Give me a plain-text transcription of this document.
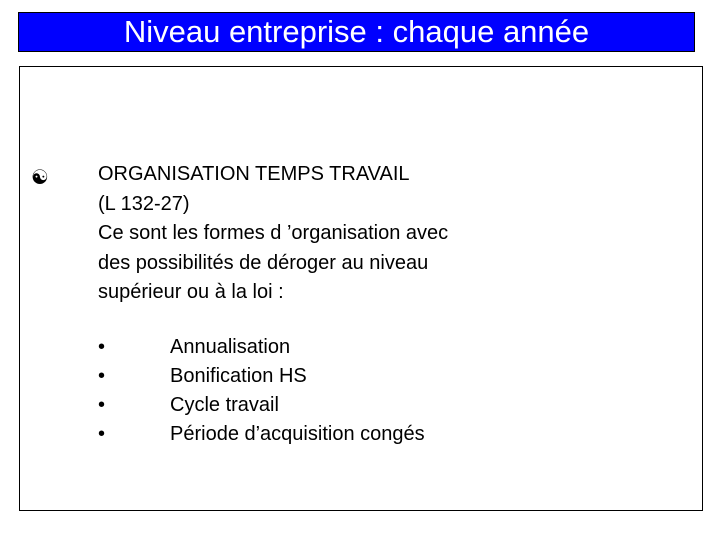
Niveau entreprise : chaque année
☯ ORGANISATION TEMPS TRAVAIL
(L 132-27)
Ce sont les formes d ’organisation avec
des possibilités de déroger au niveau
supérieur ou à la loi :
•	Annualisation
•	Bonification HS
•	Cycle travail
•	Période d’acquisition congés
